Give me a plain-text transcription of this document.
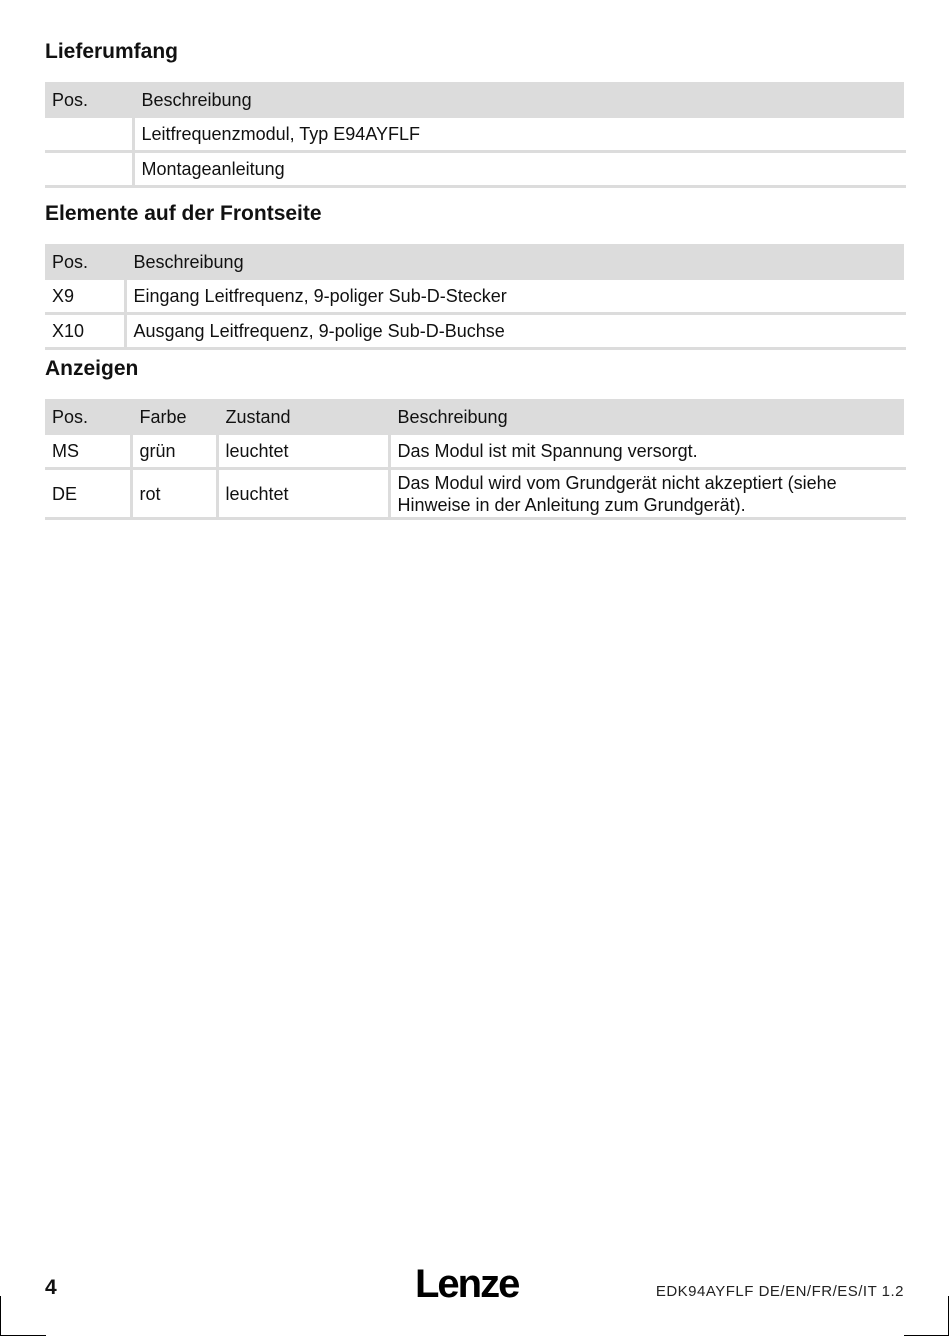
Lieferumfang
Pos.	Beschreibung
	Leitfrequenzmodul, Typ E94AYFLF
	Montageanleitung
Elemente auf der Frontseite
Pos.	Beschreibung
X9	Eingang Leitfrequenz, 9-poliger Sub-D-Stecker
X10	Ausgang Leitfrequenz, 9-polige Sub-D-Buchse
Anzeigen
Pos.	Farbe	Zustand	Beschreibung
MS	grün	leuchtet	Das Modul ist mit Spannung versorgt.
DE	rot	leuchtet	Das Modul wird vom Grundgerät nicht akzeptiert (siehe Hinweise in der Anleitung zum Grundgerät).
4	Lenze	EDK94AYFLF DE/EN/FR/ES/IT 1.2
